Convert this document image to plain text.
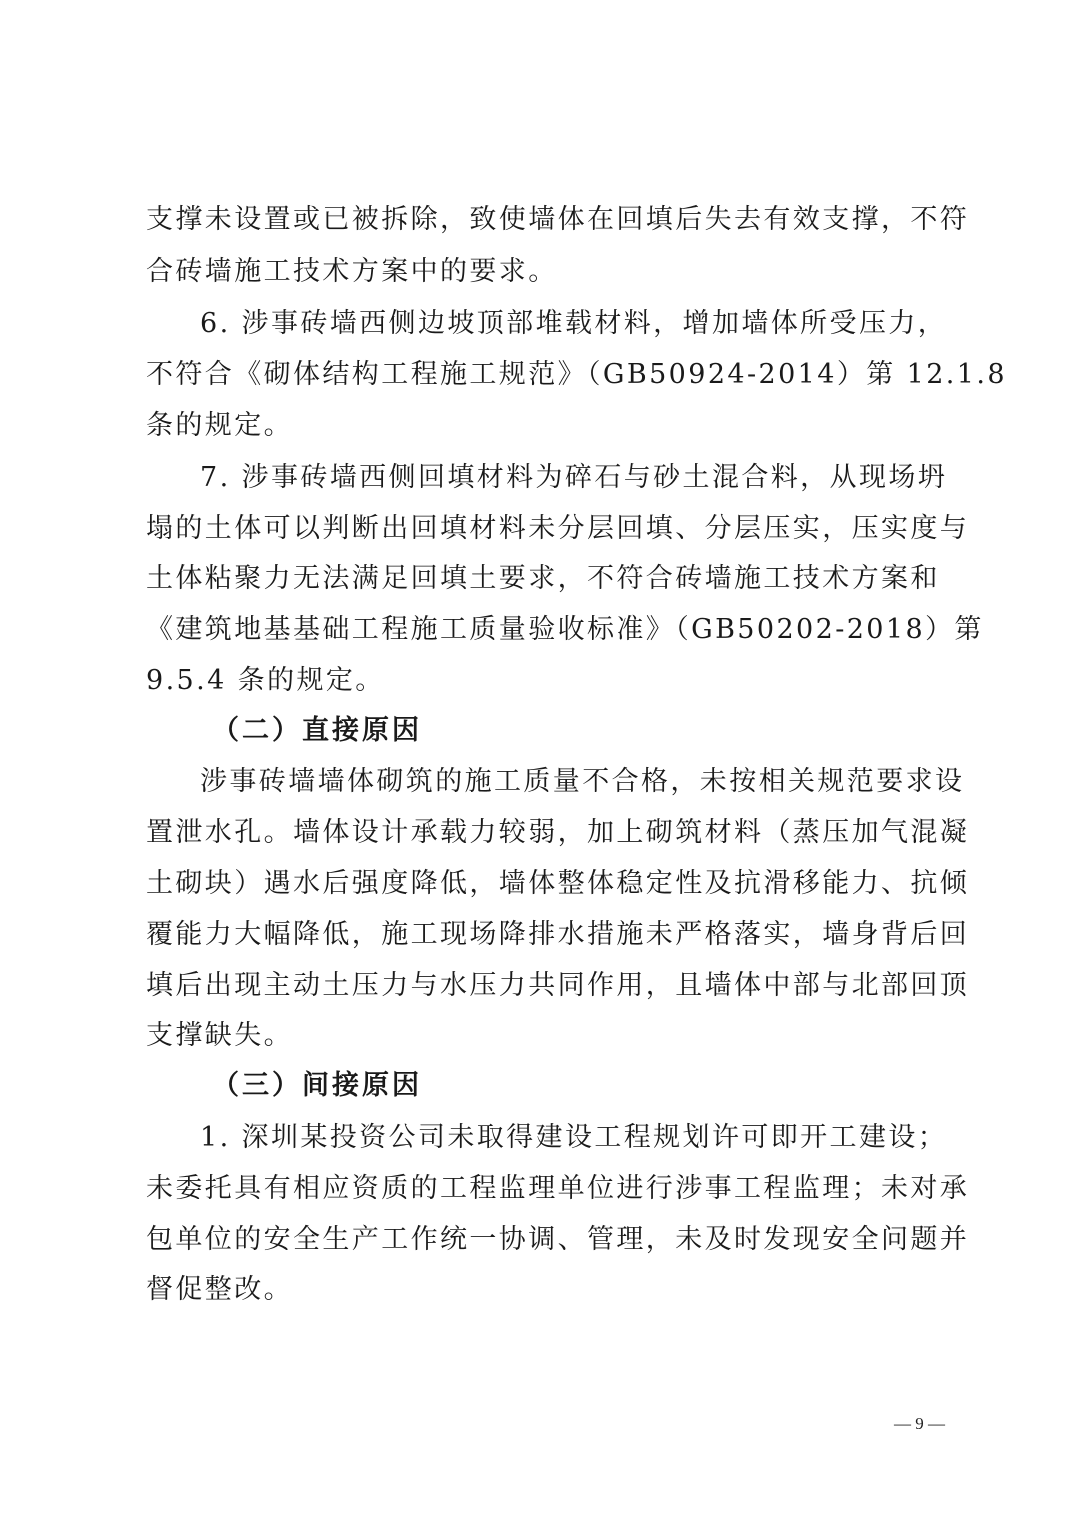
支撑未设置或已被拆除，致使墙体在回填后失去有效支撑，不符
合砖墙施工技术方案中的要求。
6. 涉事砖墙西侧边坡顶部堆载材料，增加墙体所受压力，
不符合《砌体结构工程施工规范》（GB50924-2014）第 12.1.8
条的规定。
7. 涉事砖墙西侧回填材料为碎石与砂土混合料，从现场坍
塌的土体可以判断出回填材料未分层回填、分层压实，压实度与
土体粘聚力无法满足回填土要求，不符合砖墙施工技术方案和
《建筑地基基础工程施工质量验收标准》（GB50202-2018）第
9.5.4 条的规定。
（二）直接原因
涉事砖墙墙体砌筑的施工质量不合格，未按相关规范要求设
置泄水孔。墙体设计承载力较弱，加上砌筑材料（蒸压加气混凝
土砌块）遇水后强度降低，墙体整体稳定性及抗滑移能力、抗倾
覆能力大幅降低，施工现场降排水措施未严格落实，墙身背后回
填后出现主动土压力与水压力共同作用，且墙体中部与北部回顶
支撑缺失。
（三）间接原因
1. 深圳某投资公司未取得建设工程规划许可即开工建设；
未委托具有相应资质的工程监理单位进行涉事工程监理；未对承
包单位的安全生产工作统一协调、管理，未及时发现安全问题并
督促整改。
— 9 —
